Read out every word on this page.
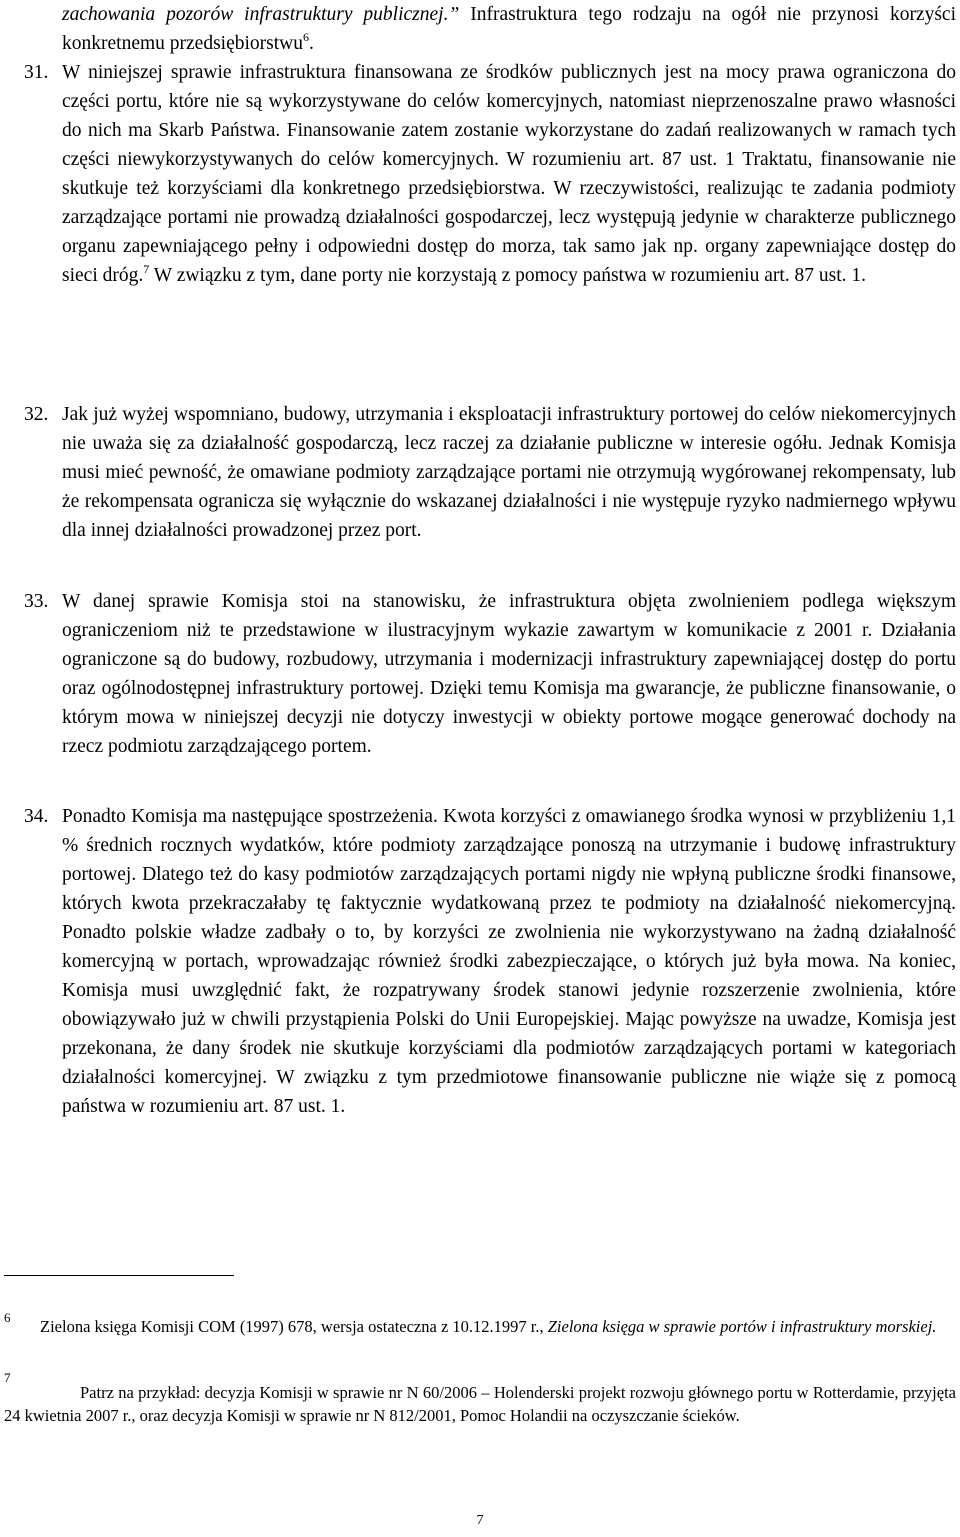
zachowania pozorów infrastruktury publicznej.” Infrastruktura tego rodzaju na ogół nie przynosi korzyści konkretnemu przedsiębiorstwu$^6$.

31. W niniejszej sprawie infrastruktura finansowana ze środków publicznych jest na mocy prawa ograniczona do części portu, które nie są wykorzystywane do celów komercyjnych, natomiast nieprzenoszalne prawo własności do nich ma Skarb Państwa. Finansowanie zatem zostanie wykorzystane do zadań realizowanych w ramach tych części niewykorzystywanych do celów komercyjnych. W rozumieniu art. 87 ust. 1 Traktatu, finansowanie nie skutkuje też korzyściami dla konkretnego przedsiębiorstwa. W rzeczywistości, realizując te zadania podmioty zarządzające portami nie prowadzą działalności gospodarczej, lecz występują jedynie w charakterze publicznego organu zapewniającego pełny i odpowiedni dostęp do morza, tak samo jak np. organy zapewniające dostęp do sieci dróg.$^7$ W związku z tym, dane porty nie korzystają z pomocy państwa w rozumieniu art. 87 ust. 1.
32. Jak już wyżej wspomniano, budowy, utrzymania i eksploatacji infrastruktury portowej do celów niekomercyjnych nie uważa się za działalność gospodarczą, lecz raczej za działanie publiczne w interesie ogółu. Jednak Komisja musi mieć pewność, że omawiane podmioty zarządzające portami nie otrzymują wygórowanej rekompensaty, lub że rekompensata ogranicza się wyłącznie do wskazanej działalności i nie występuje ryzyko nadmiernego wpływu dla innej działalności prowadzonej przez port.
33. W danej sprawie Komisja stoi na stanowisku, że infrastruktura objęta zwolnieniem podlega większym ograniczeniom niż te przedstawione w ilustracyjnym wykazie zawartym w komunikacie z 2001 r. Działania ograniczone są do budowy, rozbudowy, utrzymania i modernizacji infrastruktury zapewniającej dostęp do portu oraz ogólnodostępnej infrastruktury portowej. Dzięki temu Komisja ma gwarancje, że publiczne finansowanie, o którym mowa w niniejszej decyzji nie dotyczy inwestycji w obiekty portowe mogące generować dochody na rzecz podmiotu zarządzającego portem.
34. Ponadto Komisja ma następujące spostrzeżenia. Kwota korzyści z omawianego środka wynosi w przybliżeniu 1,1 % średnich rocznych wydatków, które podmioty zarządzające ponoszą na utrzymanie i budowę infrastruktury portowej. Dlatego też do kasy podmiotów zarządzających portami nigdy nie wpłyną publiczne środki finansowe, których kwota przekraczałaby tę faktycznie wydatkowaną przez te podmioty na działalność niekomercyjną. Ponadto polskie władze zadbały o to, by korzyści ze zwolnienia nie wykorzystywano na żadną działalność komercyjną w portach, wprowadzając również środki zabezpieczające, o których już była mowa. Na koniec, Komisja musi uwzględnić fakt, że rozpatrywany środek stanowi jedynie rozszerzenie zwolnienia, które obowiązywało już w chwili przystąpienia Polski do Unii Europejskiej. Mając powyższe na uwadze, Komisja jest przekonana, że dany środek nie skutkuje korzyściami dla podmiotów zarządzających portami w kategoriach działalności komercyjnej. W związku z tym przedmiotowe finansowanie publiczne nie wiąże się z pomocą państwa w rozumieniu art. 87 ust. 1.
6 Zielona księga Komisji COM (1997) 678, wersja ostateczna z 10.12.1997 r., Zielona księga w sprawie portów i infrastruktury morskiej.

7

Patrz na przykład: decyzja Komisji w sprawie nr N 60/2006 – Holenderski projekt rozwoju głównego portu w Rotterdamie, przyjęta 24 kwietnia 2007 r., oraz decyzja Komisji w sprawie nr N 812/2001, Pomoc Holandii na oczyszczanie ścieków.

7
